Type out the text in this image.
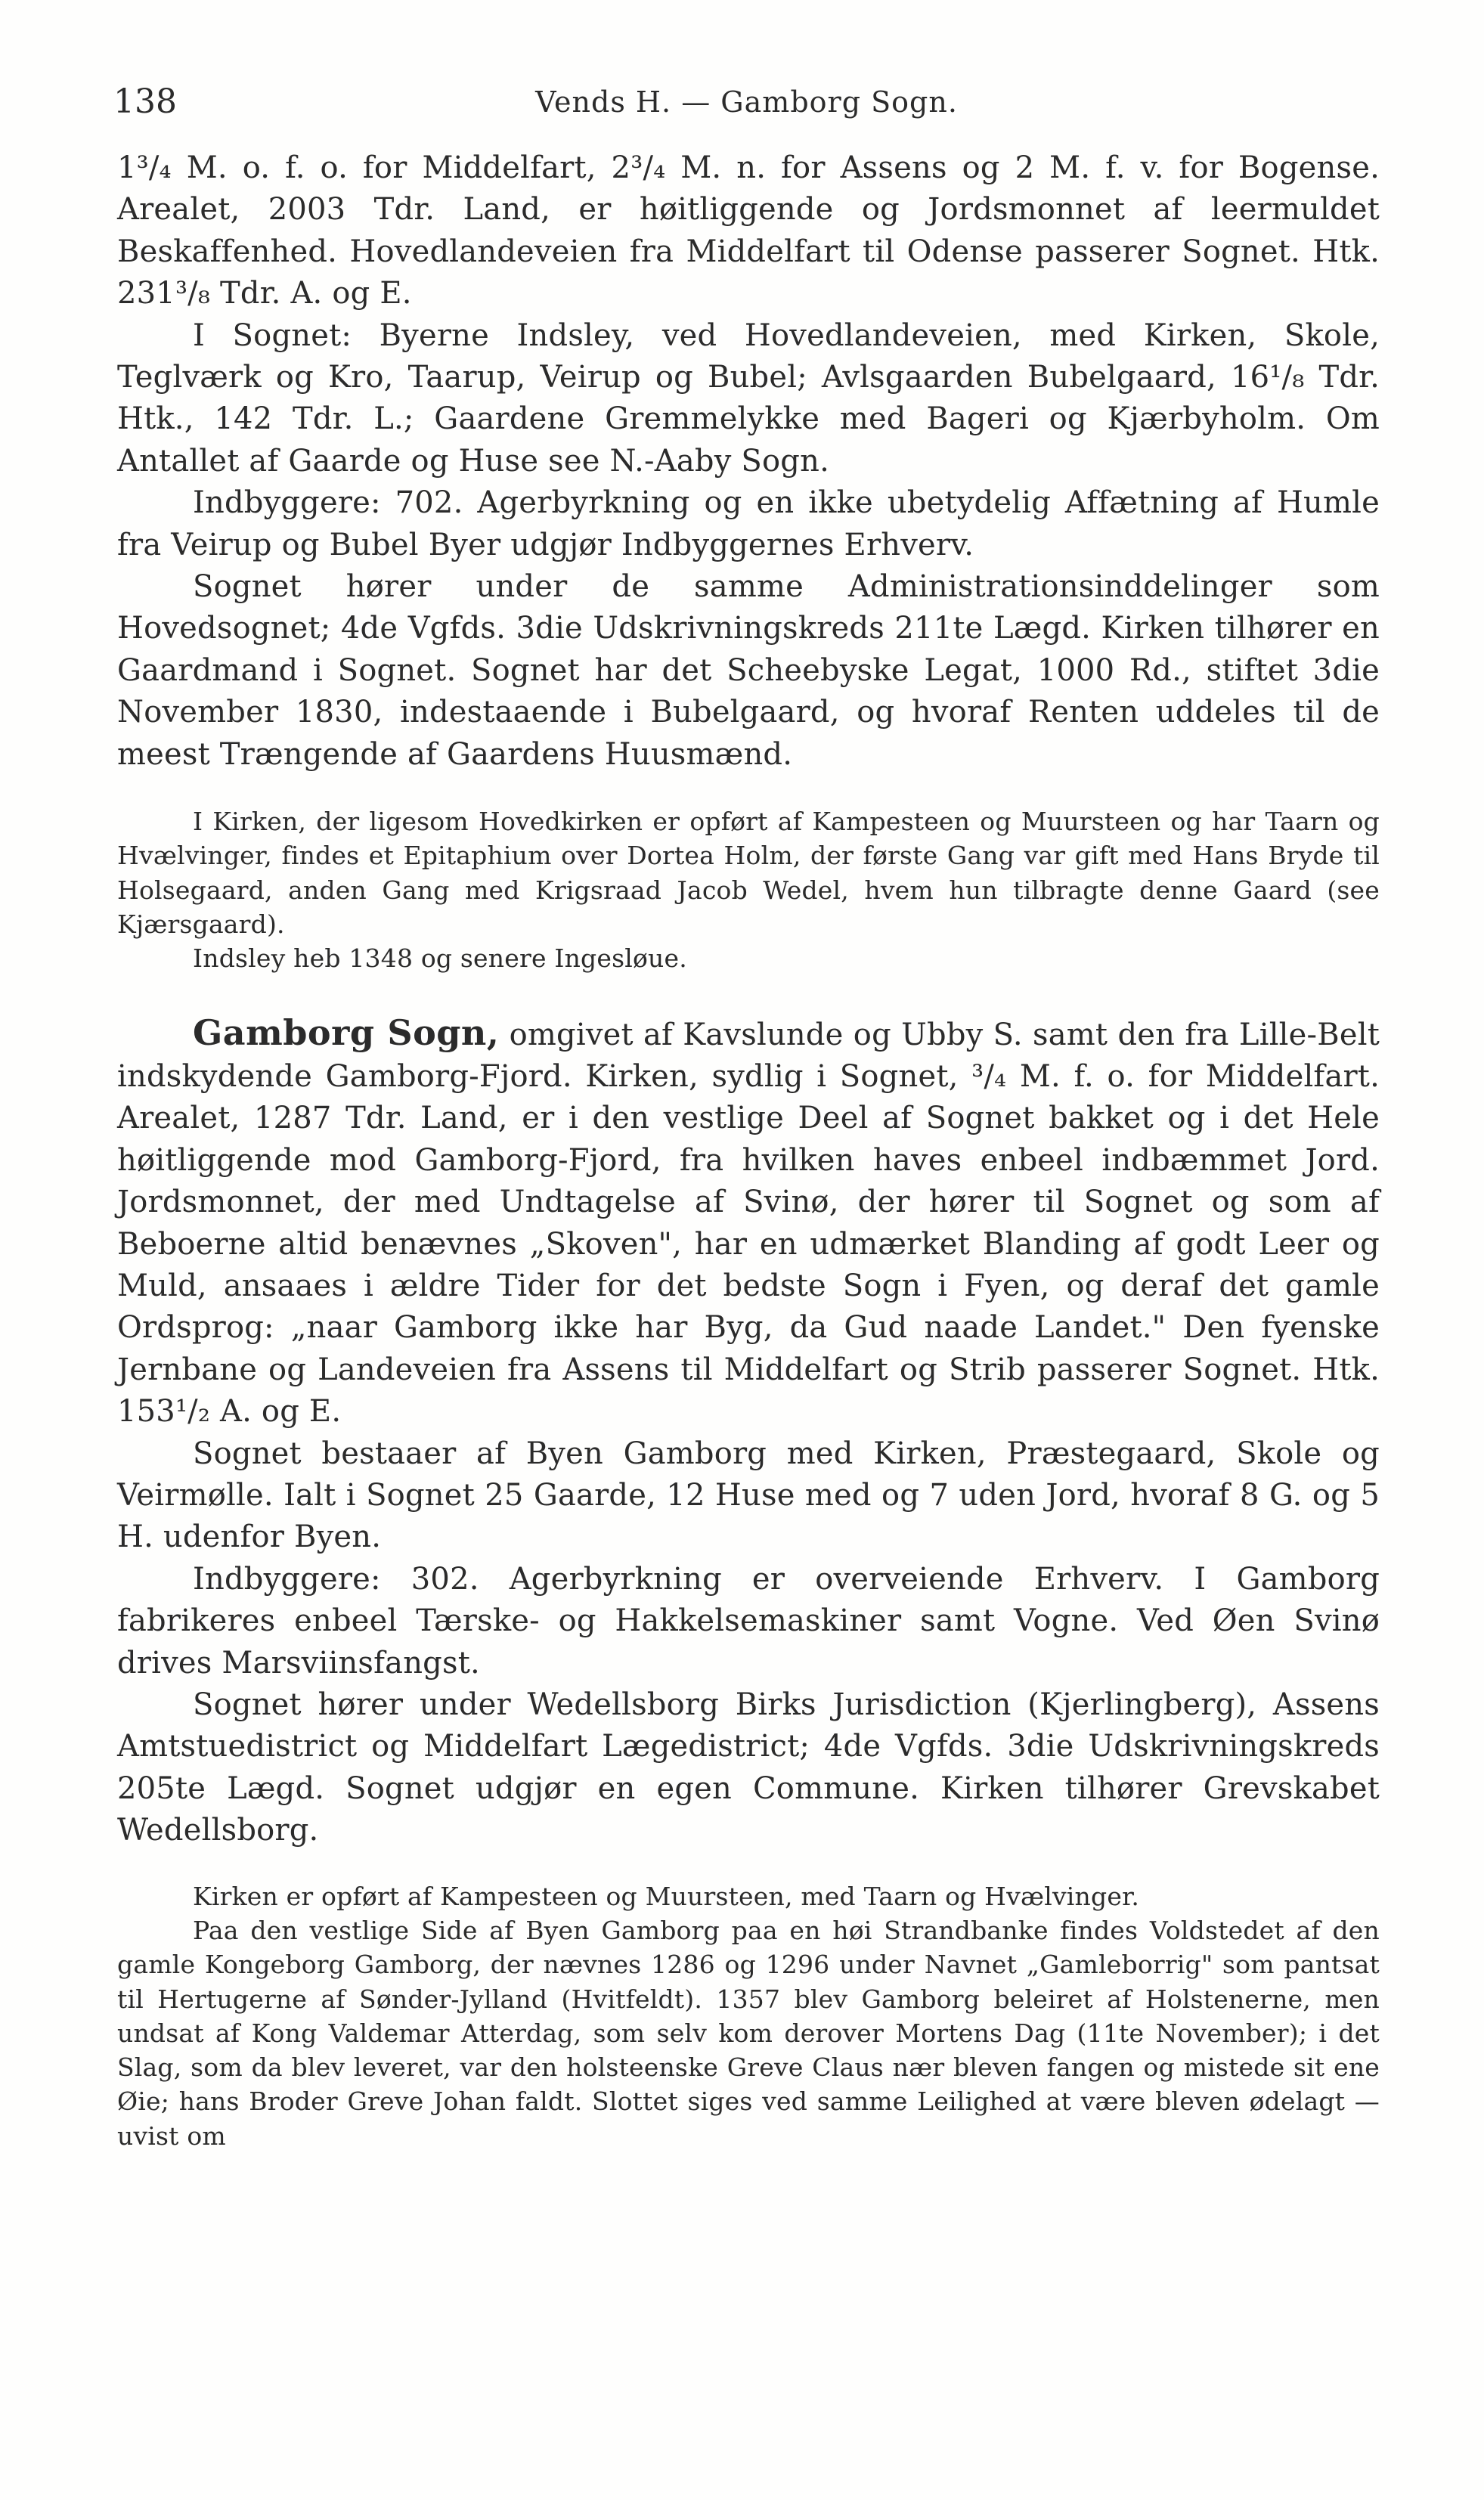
138	Vends H. — Gamborg Sogn.

1³/₄ M. o. f. o. for Middelfart, 2³/₄ M. n. for Assens og 2 M. f. v. for Bogense. Arealet, 2003 Tdr. Land, er høitliggende og Jordsmonnet af leermuldet Beskaffenhed. Hovedlandeveien fra Middelfart til Odense passerer Sognet. Htk. 231³/₈ Tdr. A. og E.

I Sognet: Byerne Indsley, ved Hovedlandeveien, med Kirken, Skole, Teglværk og Kro, Taarup, Veirup og Bubel; Avlsgaarden Bubelgaard, 16¹/₈ Tdr. Htk., 142 Tdr. L.; Gaardene Gremmelykke med Bageri og Kjærbyholm. Om Antallet af Gaarde og Huse see N.-Aaby Sogn.

Indbyggere: 702. Agerbyrkning og en ikke ubetydelig Affætning af Humle fra Veirup og Bubel Byer udgjør Indbyggernes Erhverv.

Sognet hører under de samme Administrationsinddelinger som Hovedsognet; 4de Vgfds. 3die Udskrivningskreds 211te Lægd. Kirken tilhører en Gaardmand i Sognet. Sognet har det Scheebyske Legat, 1000 Rd., stiftet 3die November 1830, indestaaende i Bubelgaard, og hvoraf Renten uddeles til de meest Trængende af Gaardens Huusmænd.

I Kirken, der ligesom Hovedkirken er opført af Kampesteen og Muursteen og har Taarn og Hvælvinger, findes et Epitaphium over Dortea Holm, der første Gang var gift med Hans Brydе til Holsegaard, anden Gang med Krigsraad Jacob Wedel, hvem hun tilbragte denne Gaard (see Kjærsgaard).

Indsley heb 1348 og senere Ingesløue.

Gamborg Sogn, omgivet af Kavslunde og Ubby S. samt den fra Lille-Belt indskydende Gamborg-Fjord. Kirken, sydlig i Sognet, ³/₄ M. f. o. for Middelfart. Arealet, 1287 Tdr. Land, er i den vestlige Deel af Sognet bakket og i det Hele høitliggende mod Gamborg-Fjord, fra hvilken haves enbeel indbæmmet Jord. Jordsmonnet, der med Undtagelse af Svinø, der hører til Sognet og som af Beboerne altid benævnes „Skoven", har en udmærket Blanding af godt Leer og Muld, ansaaes i ældre Tider for det bedste Sogn i Fyen, og deraf det gamle Ordsprog: „naar Gamborg ikke har Byg, da Gud naade Landet." Den fyenske Jernbane og Landeveien fra Assens til Middelfart og Strib passerer Sognet. Htk. 153¹/₂ A. og E.

Sognet bestaaer af Byen Gamborg med Kirken, Præstegaard, Skole og Veirmølle. Ialt i Sognet 25 Gaarde, 12 Huse med og 7 uden Jord, hvoraf 8 G. og 5 H. udenfor Byen.

Indbyggere: 302. Agerbyrkning er overveiende Erhverv. I Gamborg fabrikeres enbeel Tærske- og Hakkelsemaskiner samt Vogne. Ved Øen Svinø drives Marsviinsfangst.

Sognet hører under Wedellsborg Birks Jurisdiction (Kjerlingberg), Assens Amtstuedistrict og Middelfart Lægedistrict; 4de Vgfds. 3die Udskrivningskreds 205te Lægd. Sognet udgjør en egen Commune. Kirken tilhører Grevskabet Wedellsborg.

Kirken er opført af Kampesteen og Muursteen, med Taarn og Hvælvinger.

Paa den vestlige Side af Byen Gamborg paa en høi Strandbanke findes Voldstedet af den gamle Kongeborg Gamborg, der nævnes 1286 og 1296 under Navnet „Gamleborrig" som pantsat til Hertugerne af Sønder-Jylland (Hvitfeldt). 1357 blev Gamborg beleiret af Holstenerne, men undsat af Kong Valdemar Atterdag, som selv kom derover Mortens Dag (11te November); i det Slag, som da blev leveret, var den holsteenske Greve Claus nær bleven fangen og mistede sit ene Øie; hans Broder Greve Johan faldt. Slottet siges ved samme Leilighed at være bleven ødelagt — uvist om
